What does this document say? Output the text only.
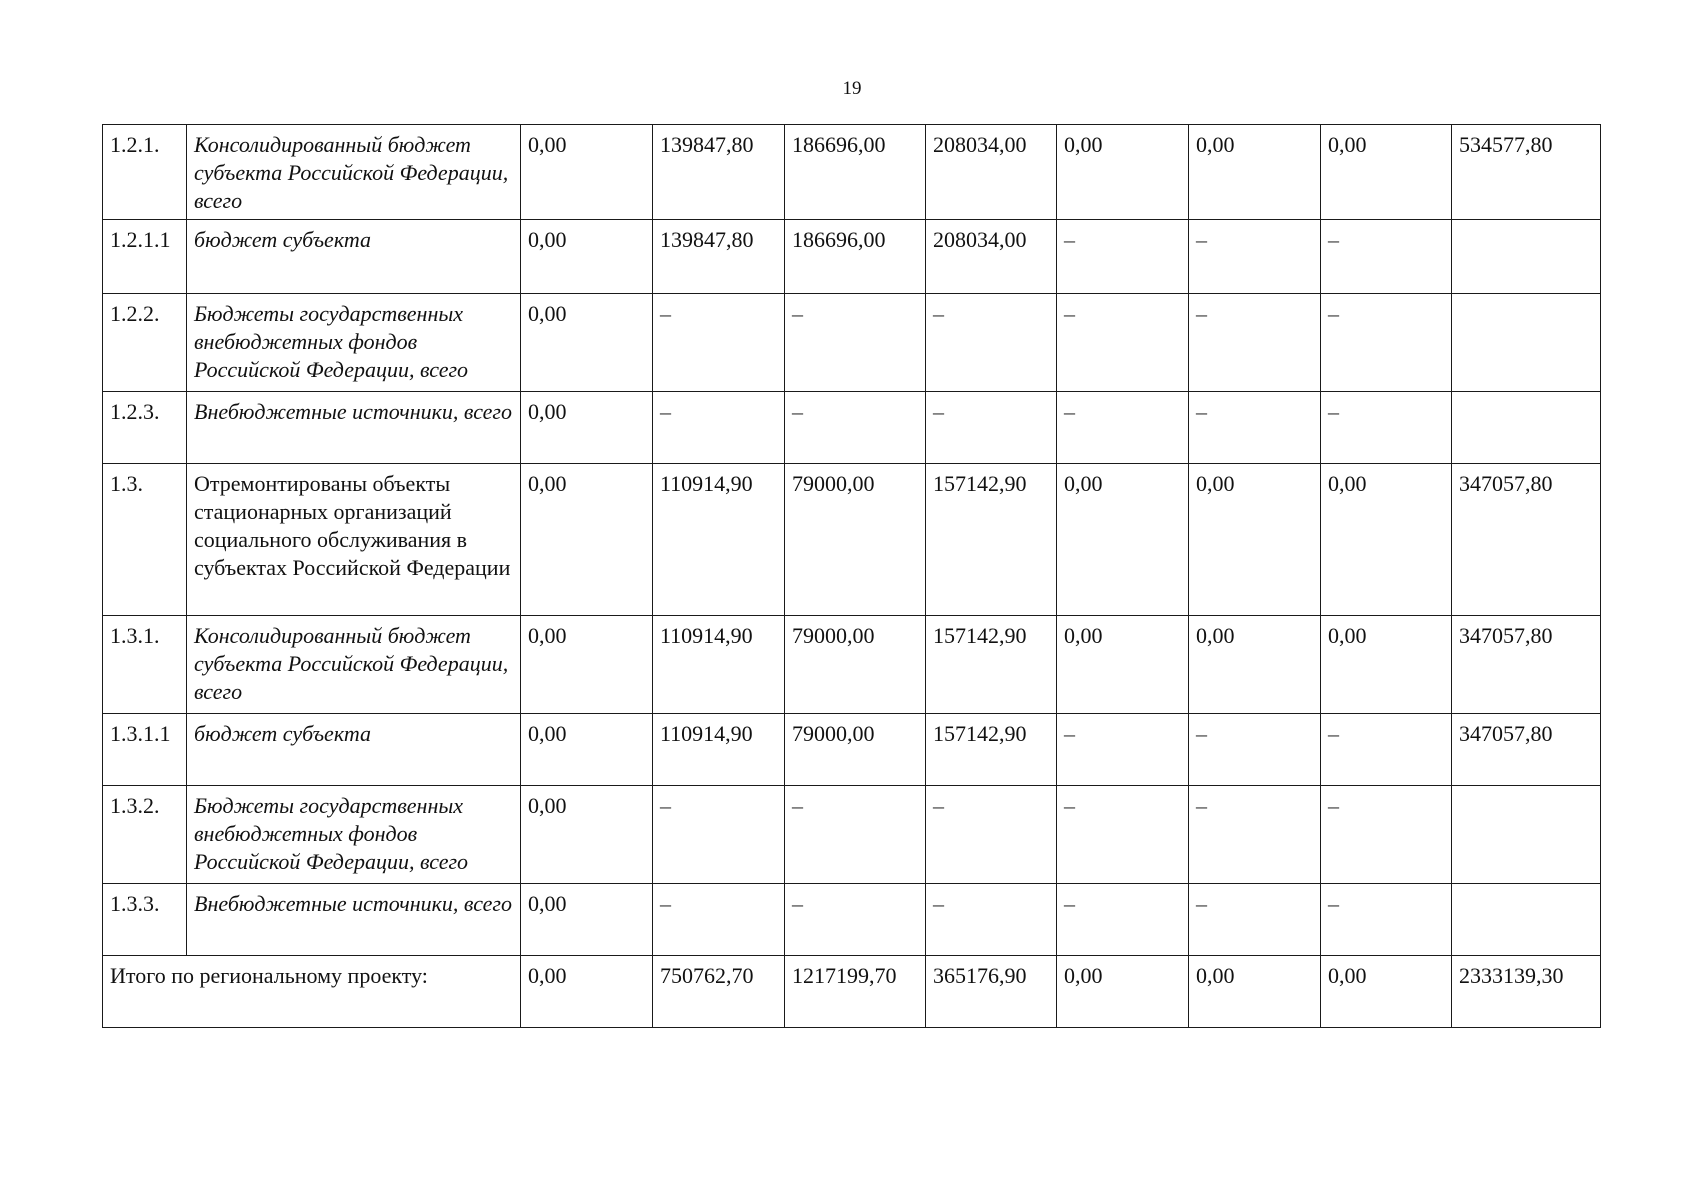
19
1.2.1.	Консолидированный бюджет субъекта Российской Федерации, всего	0,00	139847,80	186696,00	208034,00	0,00	0,00	0,00	534577,80
1.2.1.1	бюджет субъекта	0,00	139847,80	186696,00	208034,00	–	–	–	
1.2.2.	Бюджеты государственных внебюджетных фондов Российской Федерации, всего	0,00	–	–	–	–	–	–	
1.2.3.	Внебюджетные источники, всего	0,00	–	–	–	–	–	–	
1.3.	Отремонтированы объекты стационарных организаций социального обслуживания в субъектах Российской Федерации	0,00	110914,90	79000,00	157142,90	0,00	0,00	0,00	347057,80
1.3.1.	Консолидированный бюджет субъекта Российской Федерации, всего	0,00	110914,90	79000,00	157142,90	0,00	0,00	0,00	347057,80
1.3.1.1	бюджет субъекта	0,00	110914,90	79000,00	157142,90	–	–	–	347057,80
1.3.2.	Бюджеты государственных внебюджетных фондов Российской Федерации, всего	0,00	–	–	–	–	–	–	
1.3.3.	Внебюджетные источники, всего	0,00	–	–	–	–	–	–	
Итого по региональному проекту:		0,00	750762,70	1217199,70	365176,90	0,00	0,00	0,00	2333139,30
